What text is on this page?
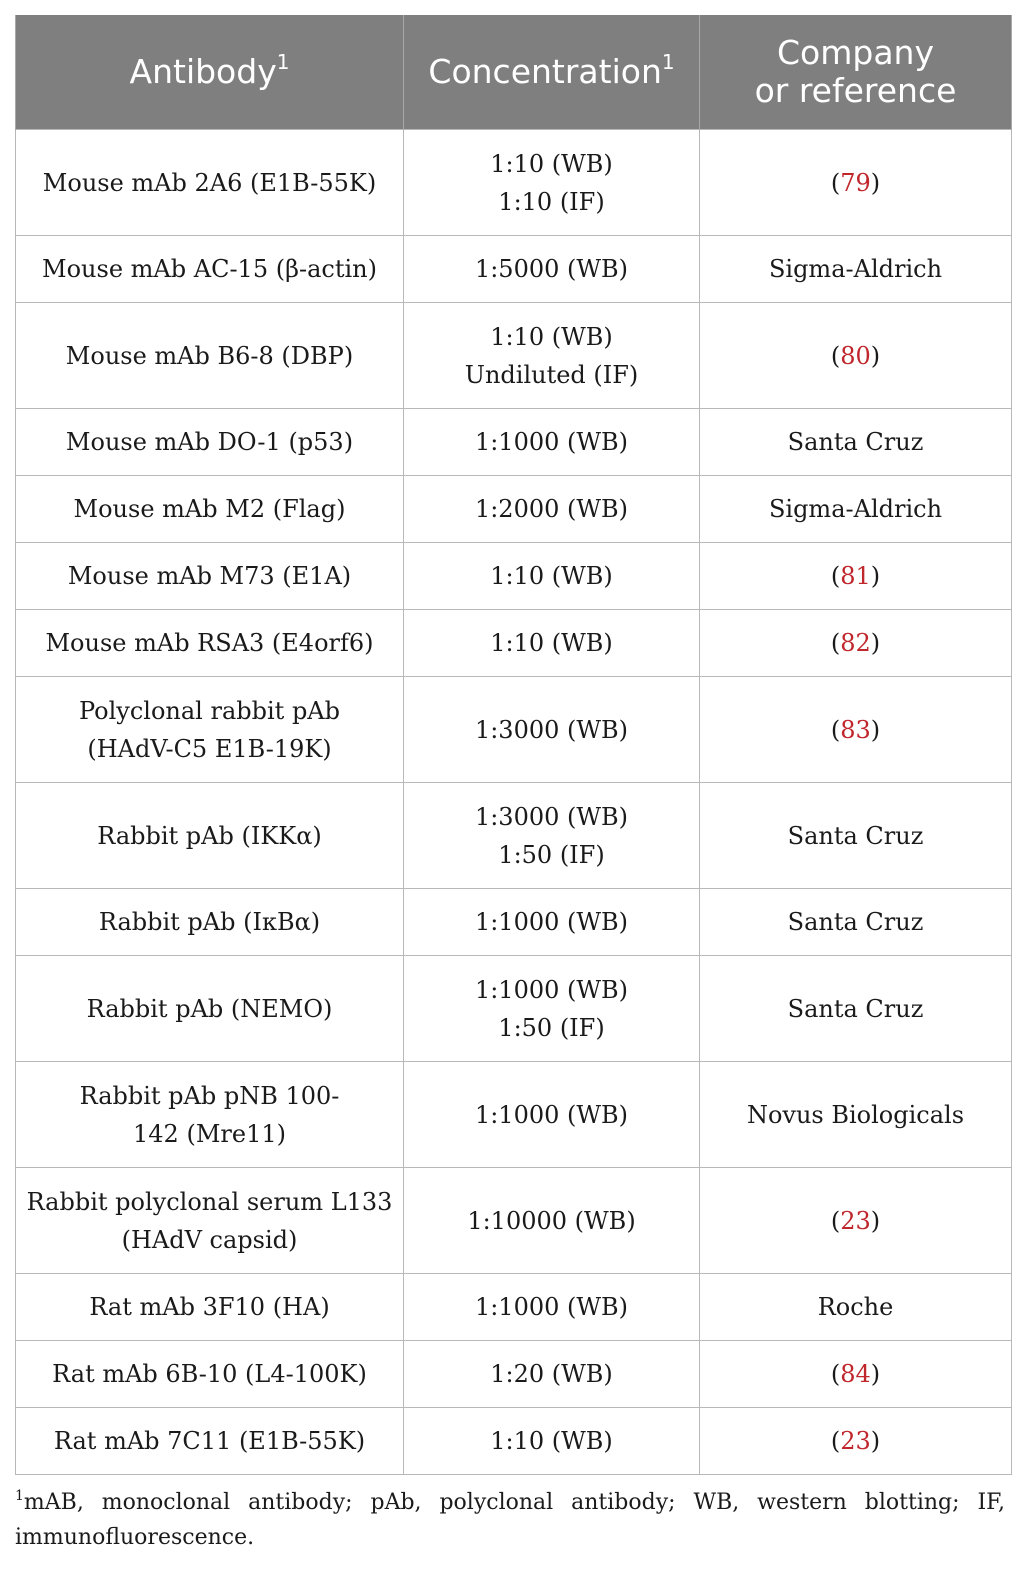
Antibody$^1$	Concentration$^1$	Company
or reference

Mouse mAb 2A6 (E1B-55K)	1:10 (WB)
1:10 (IF)	(79)

Mouse mAb AC-15 (β-actin)	1:5000 (WB)	Sigma-Aldrich

Mouse mAb B6-8 (DBP)	1:10 (WB)
Undiluted (IF)	(80)

Mouse mAb DO-1 (p53)	1:1000 (WB)	Santa Cruz

Mouse mAb M2 (Flag)	1:2000 (WB)	Sigma-Aldrich

Mouse mAb M73 (E1A)	1:10 (WB)	(81)

Mouse mAb RSA3 (E4orf6)	1:10 (WB)	(82)

Polyclonal rabbit pAb
(HAdV-C5 E1B-19K)	1:3000 (WB)	(83)

Rabbit pAb (IKKα)	1:3000 (WB)
1:50 (IF)	Santa Cruz

Rabbit pAb (IκBα)	1:1000 (WB)	Santa Cruz

Rabbit pAb (NEMO)	1:1000 (WB)
1:50 (IF)	Santa Cruz

Rabbit pAb pNB 100-
142 (Mre11)	1:1000 (WB)	Novus Biologicals

Rabbit polyclonal serum L133
(HAdV capsid)	1:10000 (WB)	(23)

Rat mAb 3F10 (HA)	1:1000 (WB)	Roche

Rat mAb 6B-10 (L4-100K)	1:20 (WB)	(84)

Rat mAb 7C11 (E1B-55K)	1:10 (WB)	(23)
$^1$mAB, monoclonal antibody; pAb, polyclonal antibody; WB, western blotting; IF, immunofluorescence.
